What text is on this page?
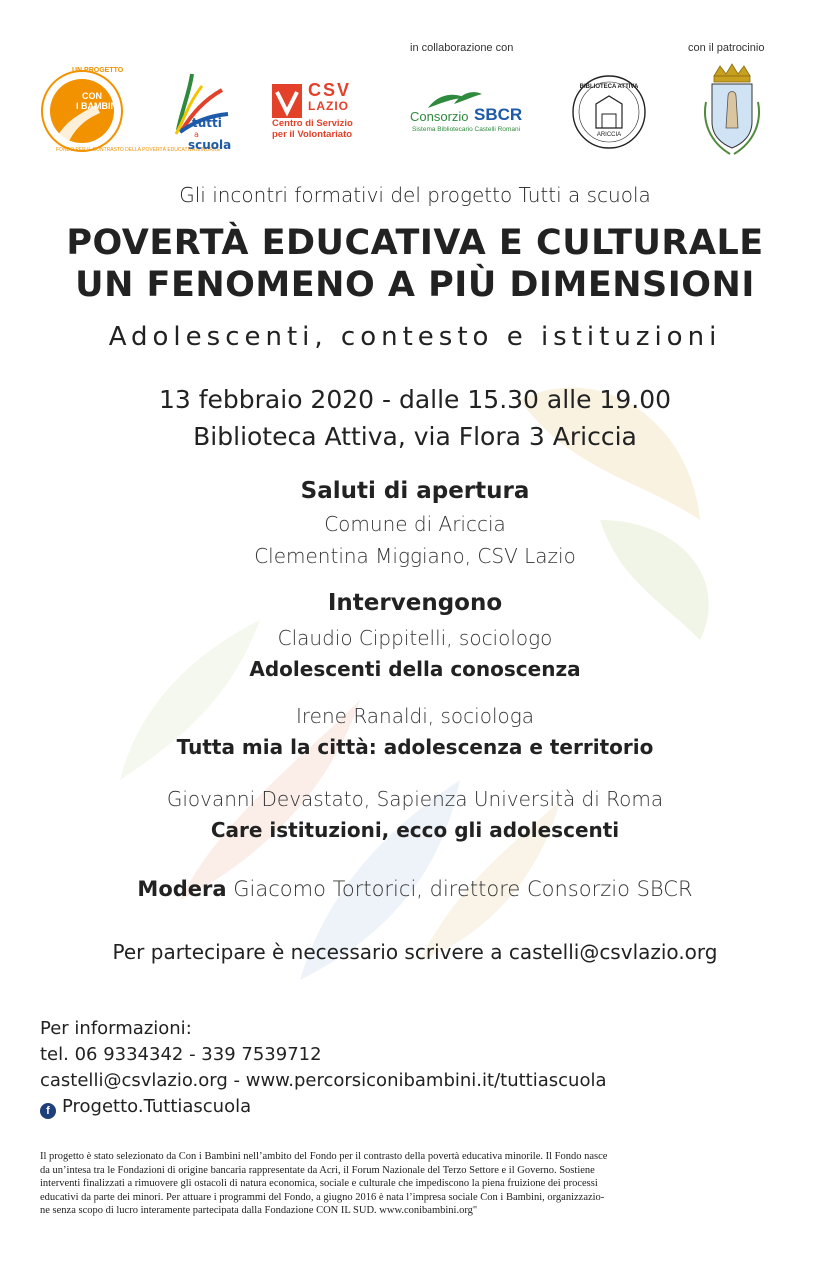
in collaborazione con	con il patrocinio
UN PROGETTO
CON
I BAMBINI
FONDO PER IL CONTRASTO DELLA POVERTÀ EDUCATIVA MINORILE
tutti
a
scuola
CSV
LAZIO
Centro di Servizio
per il Volontariato
Consorzio SBCR
Sistema Bibliotecario Castelli Romani
BIBLIOTECA ATTIVA
ARICCIA
Gli incontri formativi del progetto Tutti a scuola
POVERTÀ EDUCATIVA E CULTURALE
UN FENOMENO A PIÙ DIMENSIONI
Adolescenti, contesto e istituzioni
13 febbraio 2020 - dalle 15.30 alle 19.00
Biblioteca Attiva, via Flora 3 Ariccia
Saluti di apertura
Comune di Ariccia
Clementina Miggiano, CSV Lazio
Intervengono
Claudio Cippitelli, sociologo
Adolescenti della conoscenza
Irene Ranaldi, sociologa
Tutta mia la città: adolescenza e territorio
Giovanni Devastato, Sapienza Università di Roma
Care istituzioni, ecco gli adolescenti
Modera Giacomo Tortorici, direttore Consorzio SBCR
Per partecipare è necessario scrivere a castelli@csvlazio.org
Per informazioni:
tel. 06 9334342 - 339 7539712
castelli@csvlazio.org - www.percorsiconibambini.it/tuttiascuola
f Progetto.Tuttiascuola
Il progetto è stato selezionato da Con i Bambini nell’ambito del Fondo per il contrasto della povertà educativa minorile. Il Fondo nasce
da un’intesa tra le Fondazioni di origine bancaria rappresentate da Acri, il Forum Nazionale del Terzo Settore e il Governo. Sostiene
interventi finalizzati a rimuovere gli ostacoli di natura economica, sociale e culturale che impediscono la piena fruizione dei processi
educativi da parte dei minori. Per attuare i programmi del Fondo, a giugno 2016 è nata l’impresa sociale Con i Bambini, organizzazio-
ne senza scopo di lucro interamente partecipata dalla Fondazione CON IL SUD. www.conibambini.org"
